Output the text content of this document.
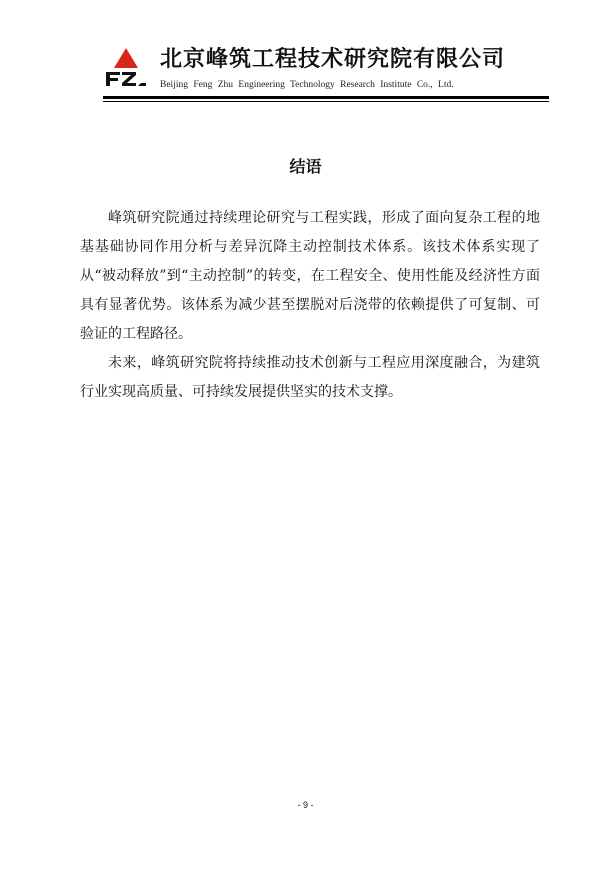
北京峰筑工程技术研究院有限公司
Beijing Feng Zhu Engineering Technology Research Institute Co., Ltd.
结语

峰筑研究院通过持续理论研究与工程实践，形成了面向复杂工程的地基基础协同作用分析与差异沉降主动控制技术体系。该技术体系实现了从“被动释放”到“主动控制”的转变，在工程安全、使用性能及经济性方面具有显著优势。该体系为减少甚至摆脱对后浇带的依赖提供了可复制、可验证的工程路径。

未来，峰筑研究院将持续推动技术创新与工程应用深度融合，为建筑行业实现高质量、可持续发展提供坚实的技术支撑。

- 9 -
